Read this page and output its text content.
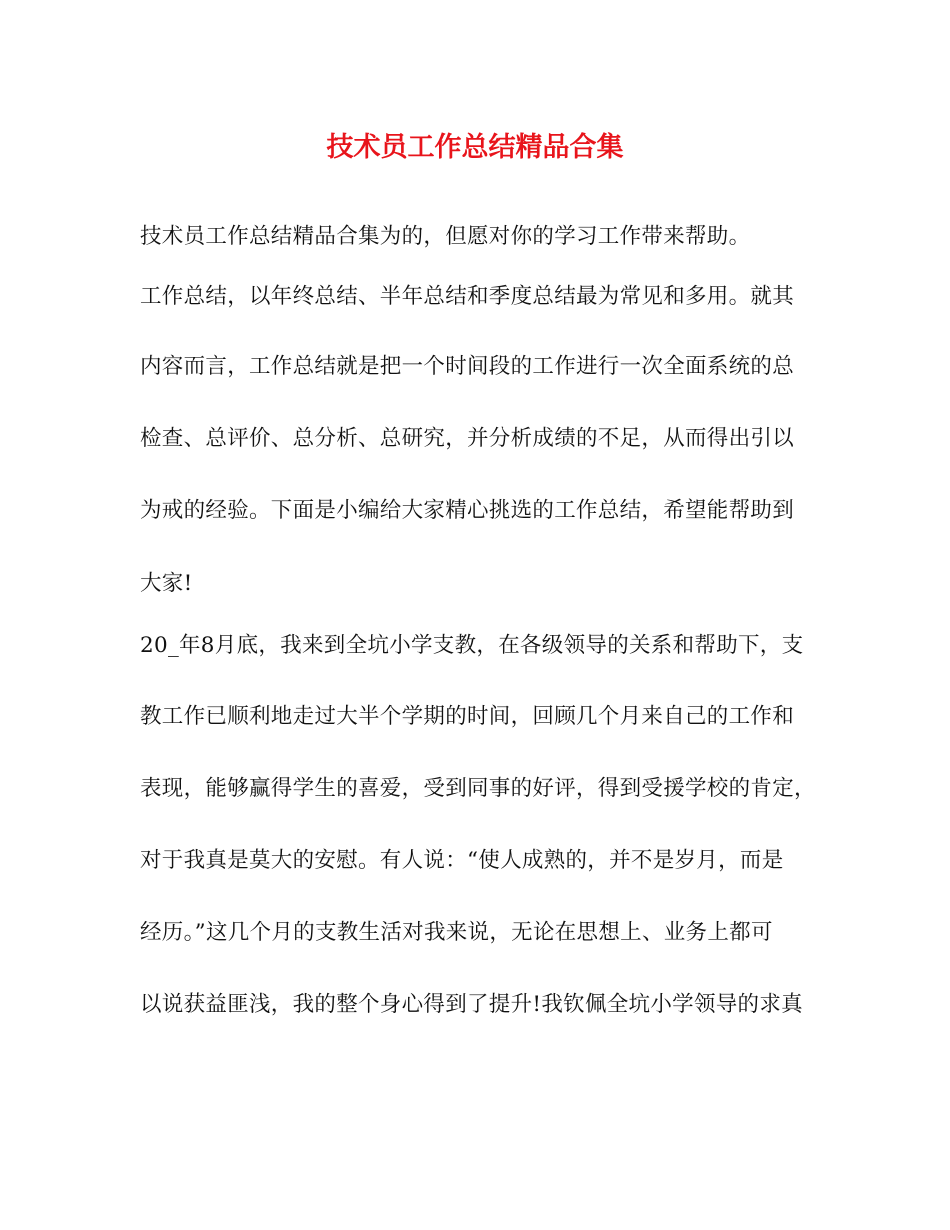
技术员工作总结精品合集
技术员工作总结精品合集为的，但愿对你的学习工作带来帮助。
工作总结，以年终总结、半年总结和季度总结最为常见和多用。就其
内容而言，工作总结就是把一个时间段的工作进行一次全面系统的总
检查、总评价、总分析、总研究，并分析成绩的不足，从而得出引以
为戒的经验。下面是小编给大家精心挑选的工作总结，希望能帮助到
大家!
20_年8月底，我来到全坑小学支教，在各级领导的关系和帮助下，支
教工作已顺利地走过大半个学期的时间，回顾几个月来自己的工作和
表现，能够赢得学生的喜爱，受到同事的好评，得到受援学校的肯定，
对于我真是莫大的安慰。有人说：“使人成熟的，并不是岁月，而是
经历。”这几个月的支教生活对我来说，无论在思想上、业务上都可
以说获益匪浅，我的整个身心得到了提升!我钦佩全坑小学领导的求真
